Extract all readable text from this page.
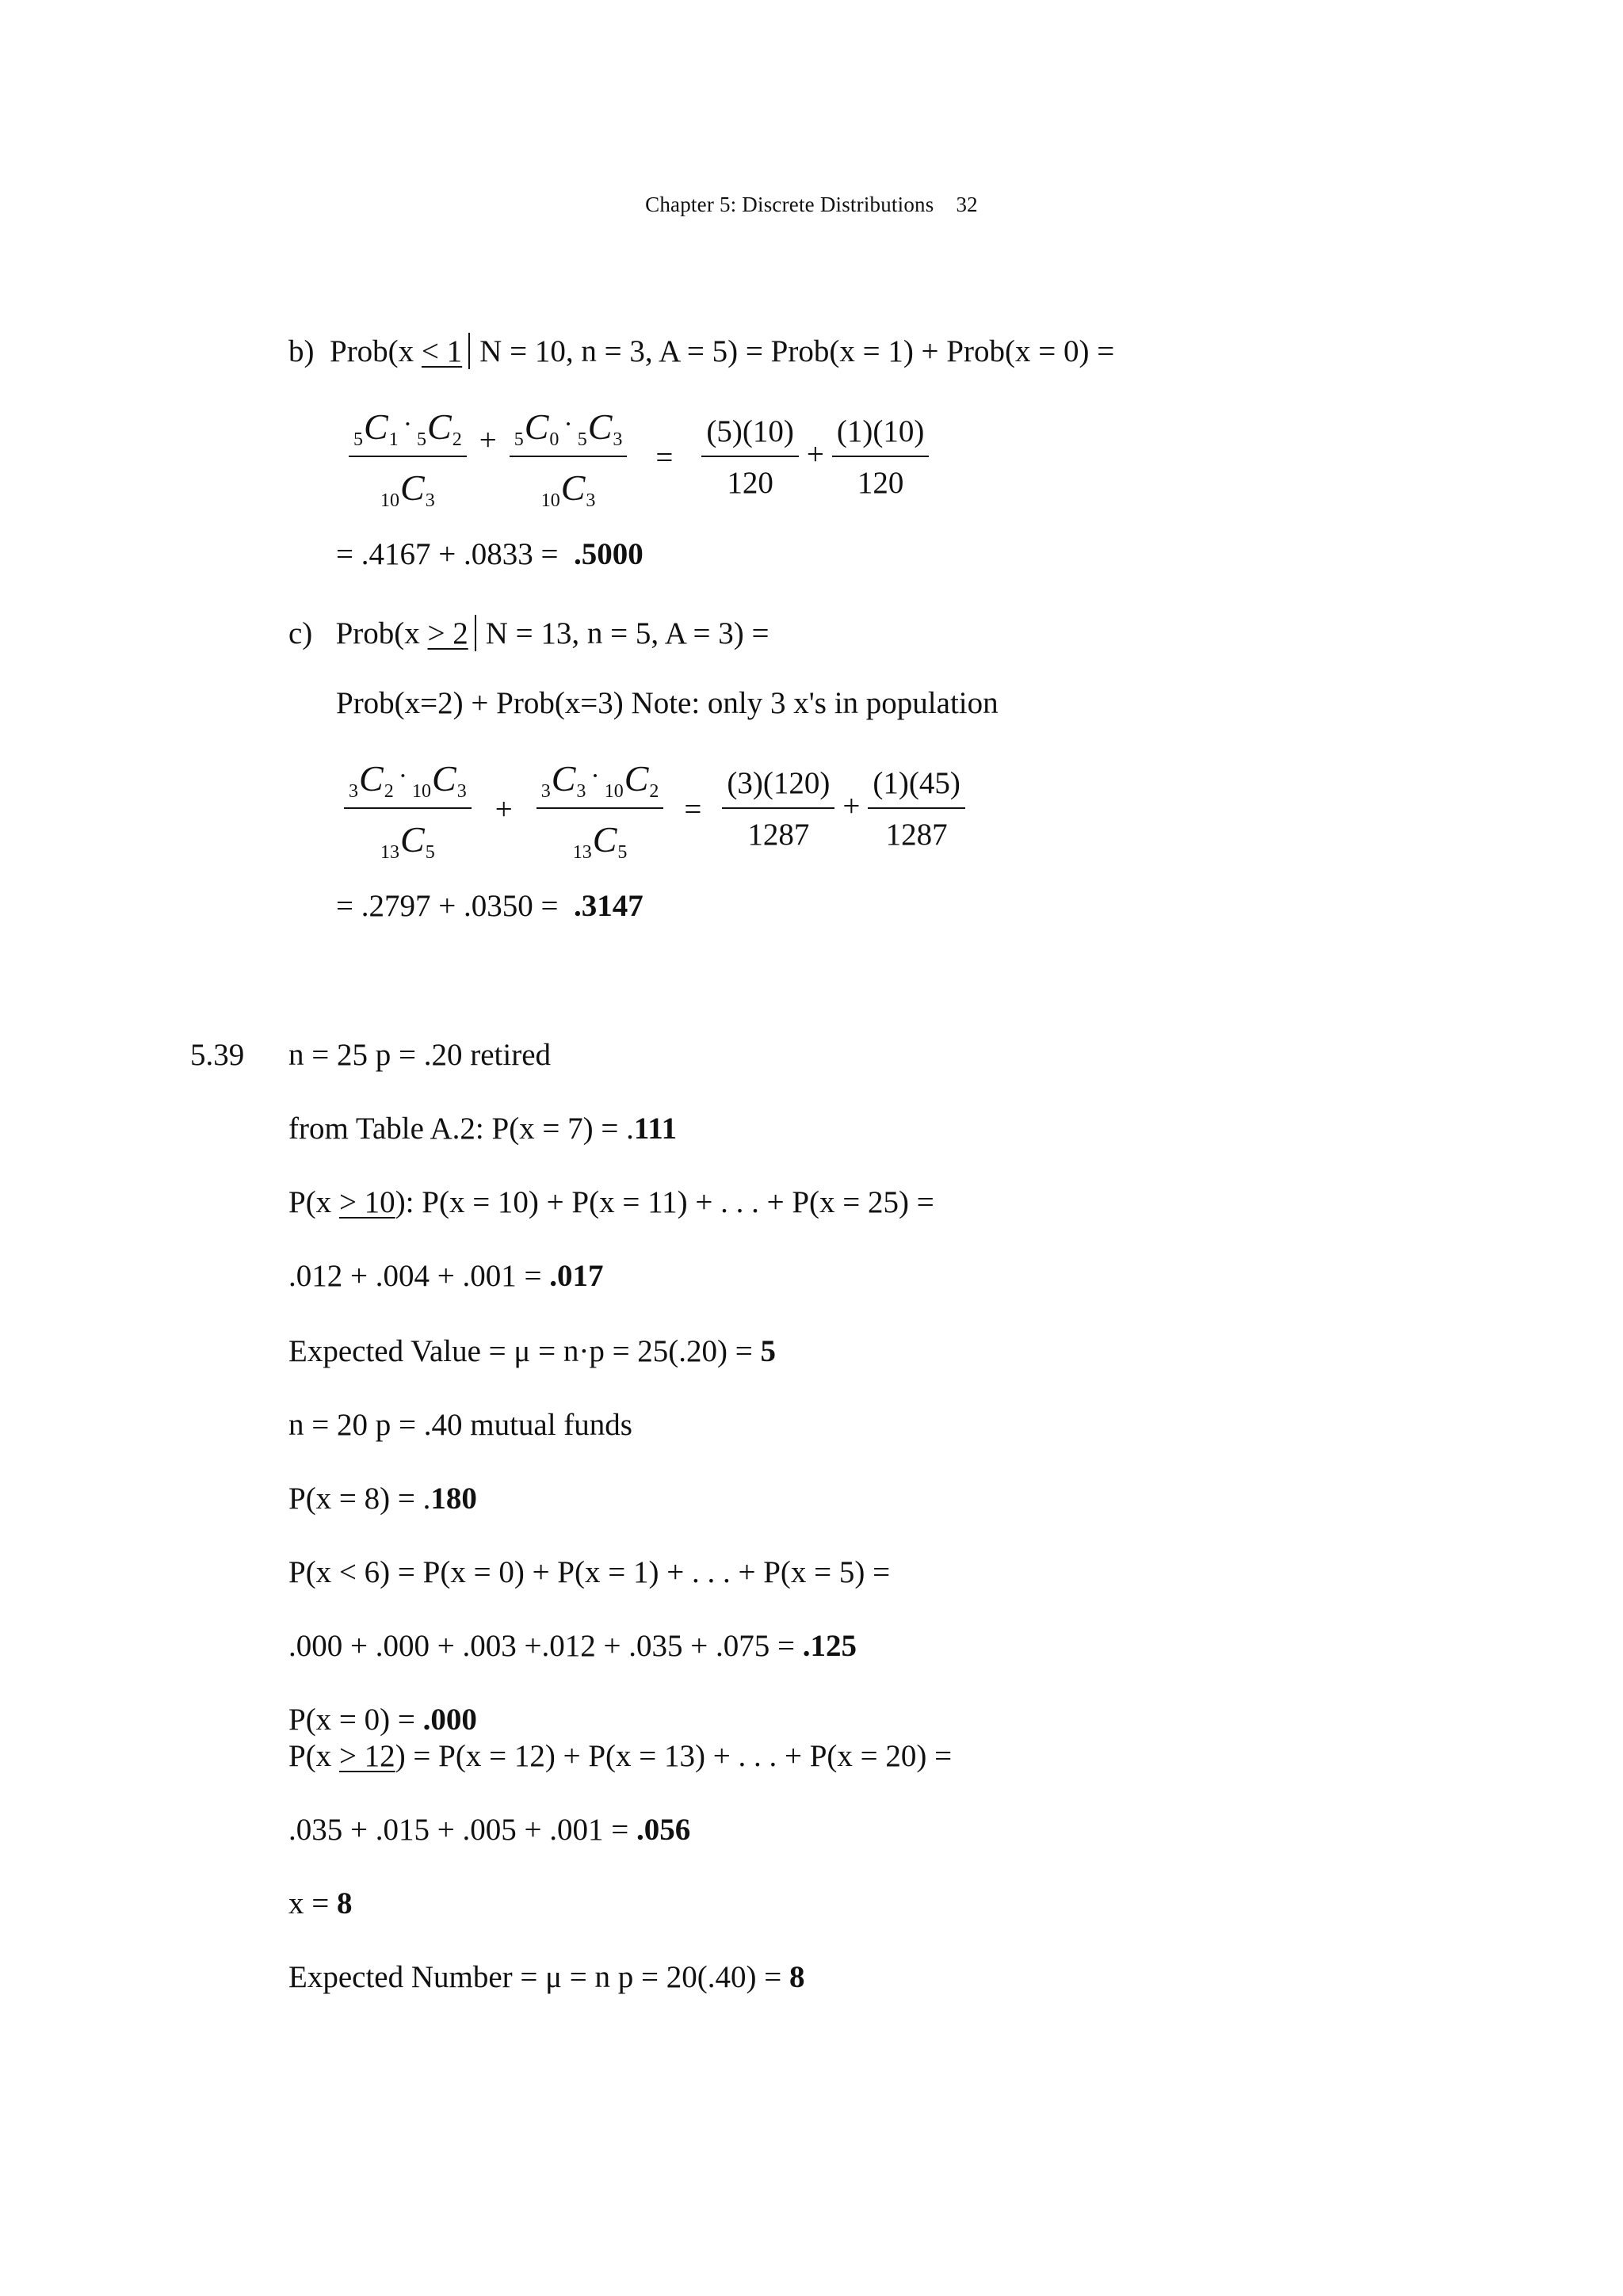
Chapter 5: Discrete Distributions 32
b) Prob(x < 1 N = 10, n = 3, A = 5) = Prob(x = 1) + Prob(x = 0) =
5 C 1
·
5 C 2
10 C 3 + 5 C 0
·
5 C 3
10 C $3 = \frac{(5)(10)}{120} + \frac{(1)(10)}{120}$
= .4167 + .0833 = .5000
c) Prob(x > 2 N = 13, n = 5, A = 3) =
Prob(x=2) + Prob(x=3) Note: only 3 x's in population
3 C 2
·
10 C 3
13 C 5 + 3 C 3
·
10 C 2
13 C $5 = \frac{(3)(120)}{1287} + \frac{(1)(45)}{1287}$
= .2797 + .0350 = .3147
5.39 n = 25 p = .20 retired
from Table A.2: P(x = 7) = .111
P(x > 10): P(x = 10) + P(x = 11) + . . . + P(x = 25) =
.012 + .004 + .001 = .017
Expected Value = μ = n·p = 25(.20) = 5
n = 20 p = .40 mutual funds
P(x = 8) = .180
P(x < 6) = P(x = 0) + P(x = 1) + . . . + P(x = 5) =
.000 + .000 + .003 +.012 + .035 + .075 = .125
P(x = 0) = .000
P(x > 12) = P(x = 12) + P(x = 13) + . . . + P(x = 20) =
.035 + .015 + .005 + .001 = .056
x = 8
Expected Number = μ = n p = 20(.40) = 8
